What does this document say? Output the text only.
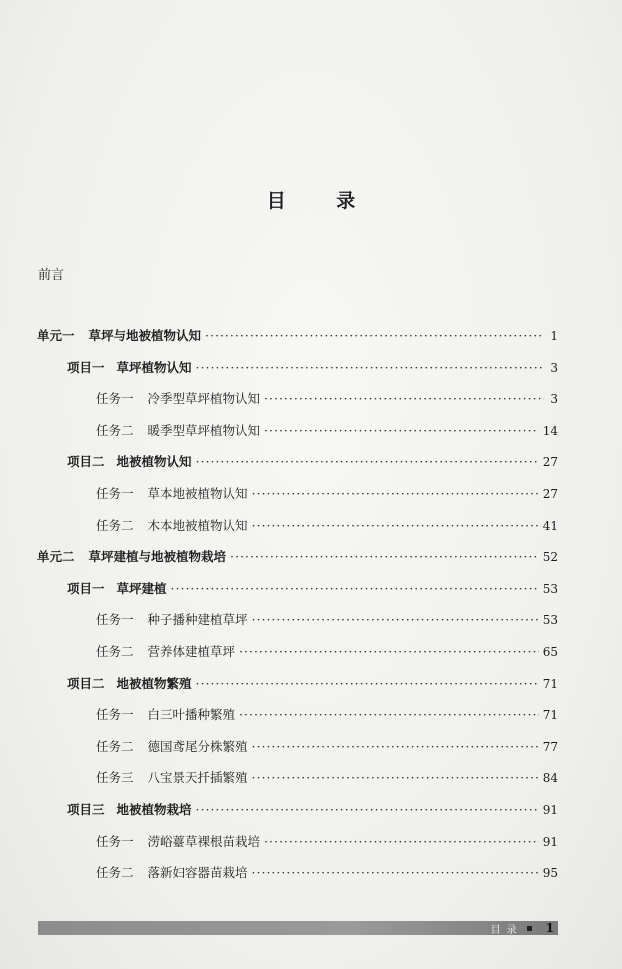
目 录
前言
单元一 草坪与地被植物认知 ·····	1
项目一 草坪植物认知 ·····	3
任务一 冷季型草坪植物认知 ·····	3
任务二 暖季型草坪植物认知 ·····	14
项目二 地被植物认知 ·····	27
任务一 草本地被植物认知 ·····	27
任务二 木本地被植物认知 ·····	41
单元二 草坪建植与地被植物栽培 ·····	52
项目一 草坪建植 ·····	53
任务一 种子播种建植草坪 ·····	53
任务二 营养体建植草坪 ·····	65
项目二 地被植物繁殖 ·····	71
任务一 白三叶播种繁殖 ·····	71
任务二 德国鸢尾分株繁殖 ·····	77
任务三 八宝景天扦插繁殖 ·····	84
项目三 地被植物栽培 ·····	91
任务一 涝峪薹草裸根苗栽培 ·····	91
任务二 落新妇容器苗栽培 ·····	95
目录 1
